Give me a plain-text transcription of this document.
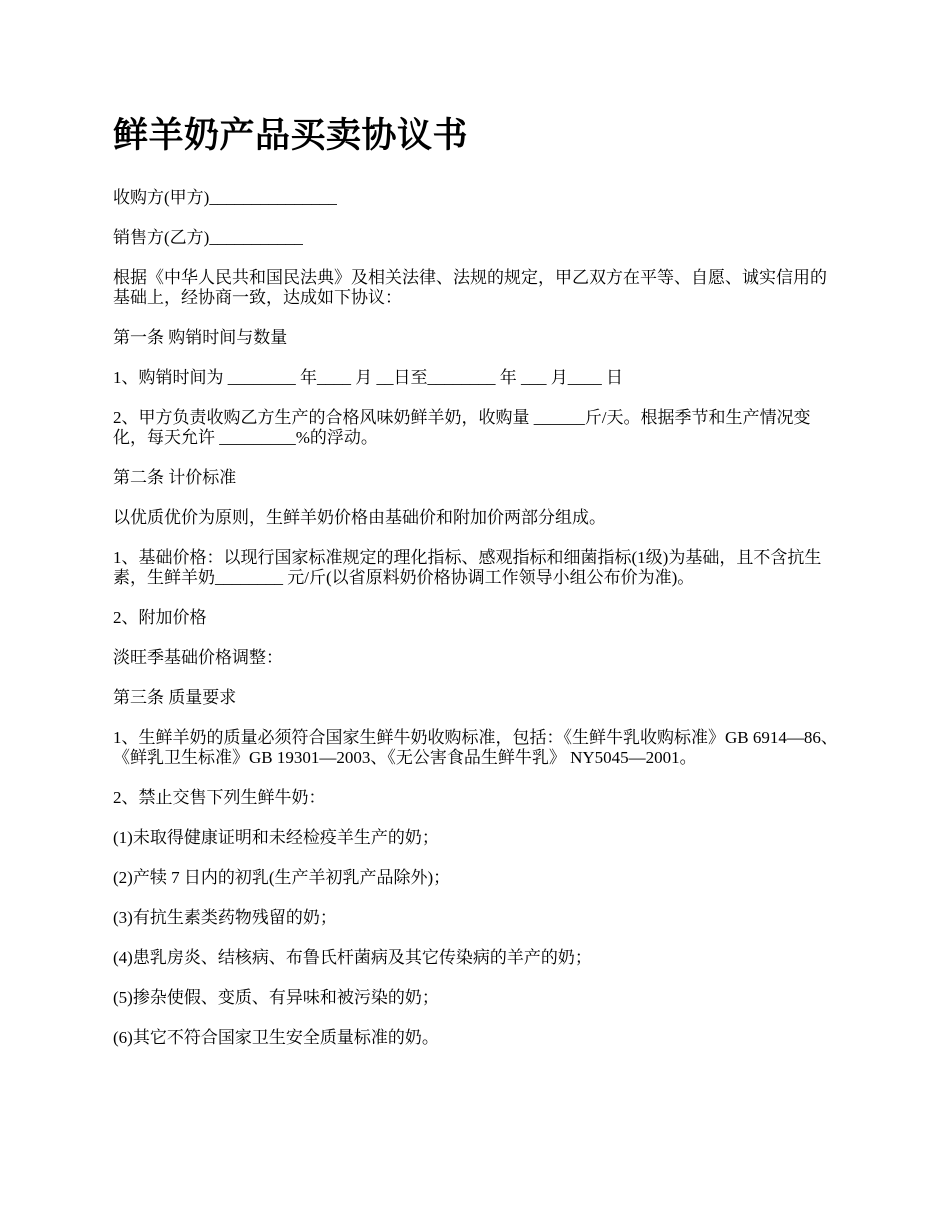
鲜羊奶产品买卖协议书

收购方(甲方)_______________

销售方(乙方)___________

根据《中华人民共和国民法典》及相关法律、法规的规定，甲乙双方在平等、自愿、诚实信用的基础上，经协商一致，达成如下协议：

第一条 购销时间与数量

1、购销时间为 ________ 年____ 月 __日至________ 年 ___ 月____ 日

2、甲方负责收购乙方生产的合格风味奶鲜羊奶，收购量 ______斤/天。根据季节和生产情况变化，每天允许 _________%的浮动。

第二条 计价标准

以优质优价为原则，生鲜羊奶价格由基础价和附加价两部分组成。

1、基础价格：以现行国家标准规定的理化指标、感观指标和细菌指标(1级)为基础，且不含抗生素，生鲜羊奶________ 元/斤(以省原料奶价格协调工作领导小组公布价为准)。

2、附加价格

淡旺季基础价格调整：

第三条 质量要求

1、生鲜羊奶的质量必须符合国家生鲜牛奶收购标准，包括：《生鲜牛乳收购标准》GB 6914—86、《鲜乳卫生标准》GB 19301—2003、《无公害食品生鲜牛乳》 NY5045—2001。

2、禁止交售下列生鲜牛奶：

(1)未取得健康证明和未经检疫羊生产的奶；

(2)产犊 7 日内的初乳(生产羊初乳产品除外)；

(3)有抗生素类药物残留的奶；

(4)患乳房炎、结核病、布鲁氏杆菌病及其它传染病的羊产的奶；

(5)掺杂使假、变质、有异味和被污染的奶；

(6)其它不符合国家卫生安全质量标准的奶。
